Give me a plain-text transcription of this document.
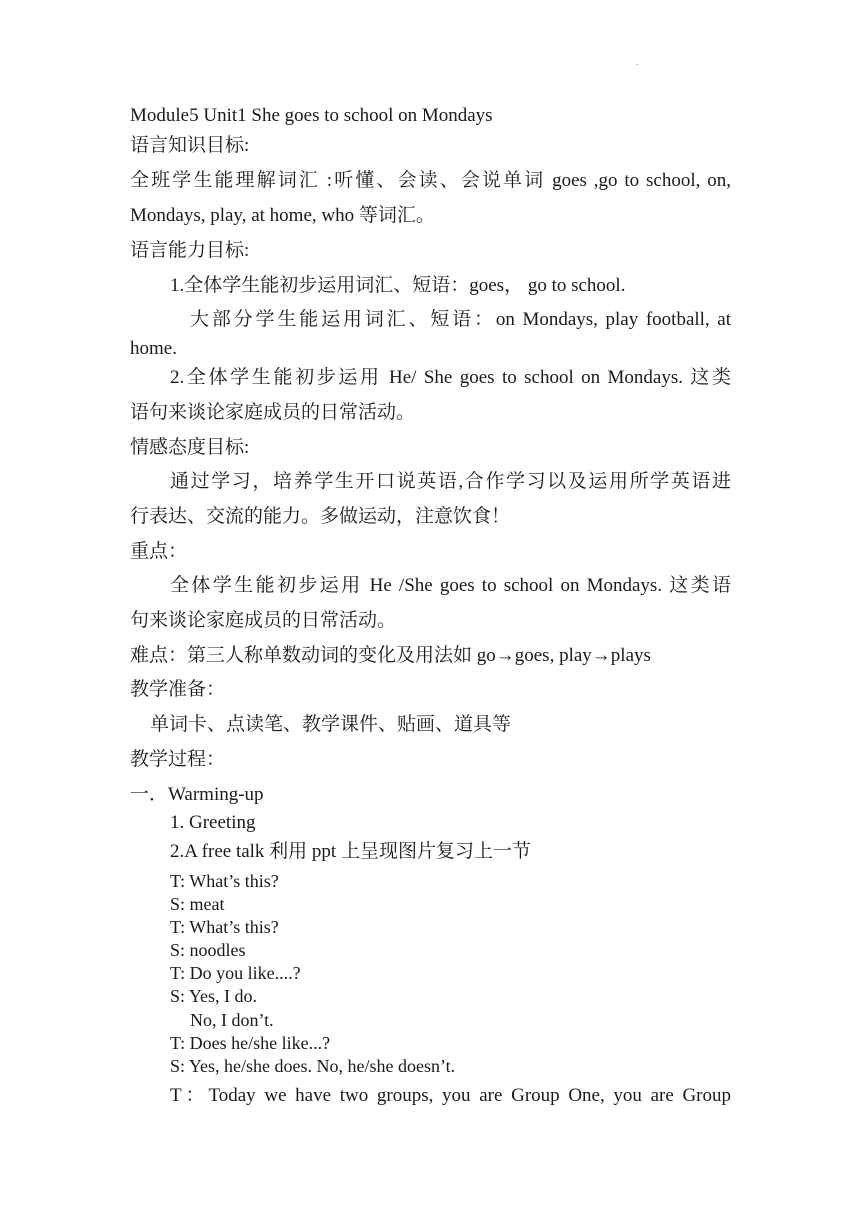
.
Module5 Unit1 She goes to school on Mondays
语言知识目标:
全班学生能理解词汇 :听懂、会读、会说单词 goes ,go to school, on,
Mondays, play, at home, who 等词汇。
语言能力目标:
1.全体学生能初步运用词汇、短语：goes， go to school.
大部分学生能运用词汇、短语：on Mondays, play football, at
home.
2.全体学生能初步运用 He/ She goes to school on Mondays. 这类
语句来谈论家庭成员的日常活动。
情感态度目标:
通过学习，培养学生开口说英语,合作学习以及运用所学英语进
行表达、交流的能力。多做运动，注意饮食！
重点：
全体学生能初步运用 He /She goes to school on Mondays. 这类语
句来谈论家庭成员的日常活动。
难点：第三人称单数动词的变化及用法如 go→goes, play→plays
教学准备：
单词卡、点读笔、教学课件、贴画、道具等
教学过程：
一．Warming-up
1. Greeting
2.A free talk 利用 ppt 上呈现图片复习上一节
T: What’s this?
S: meat
T: What’s this?
S: noodles
T: Do you like....?
S: Yes, I do.
No, I don’t.
T: Does he/she like...?
S: Yes, he/she does. No, he/she doesn’t.
T：Today we have two groups, you are Group One, you are Group
